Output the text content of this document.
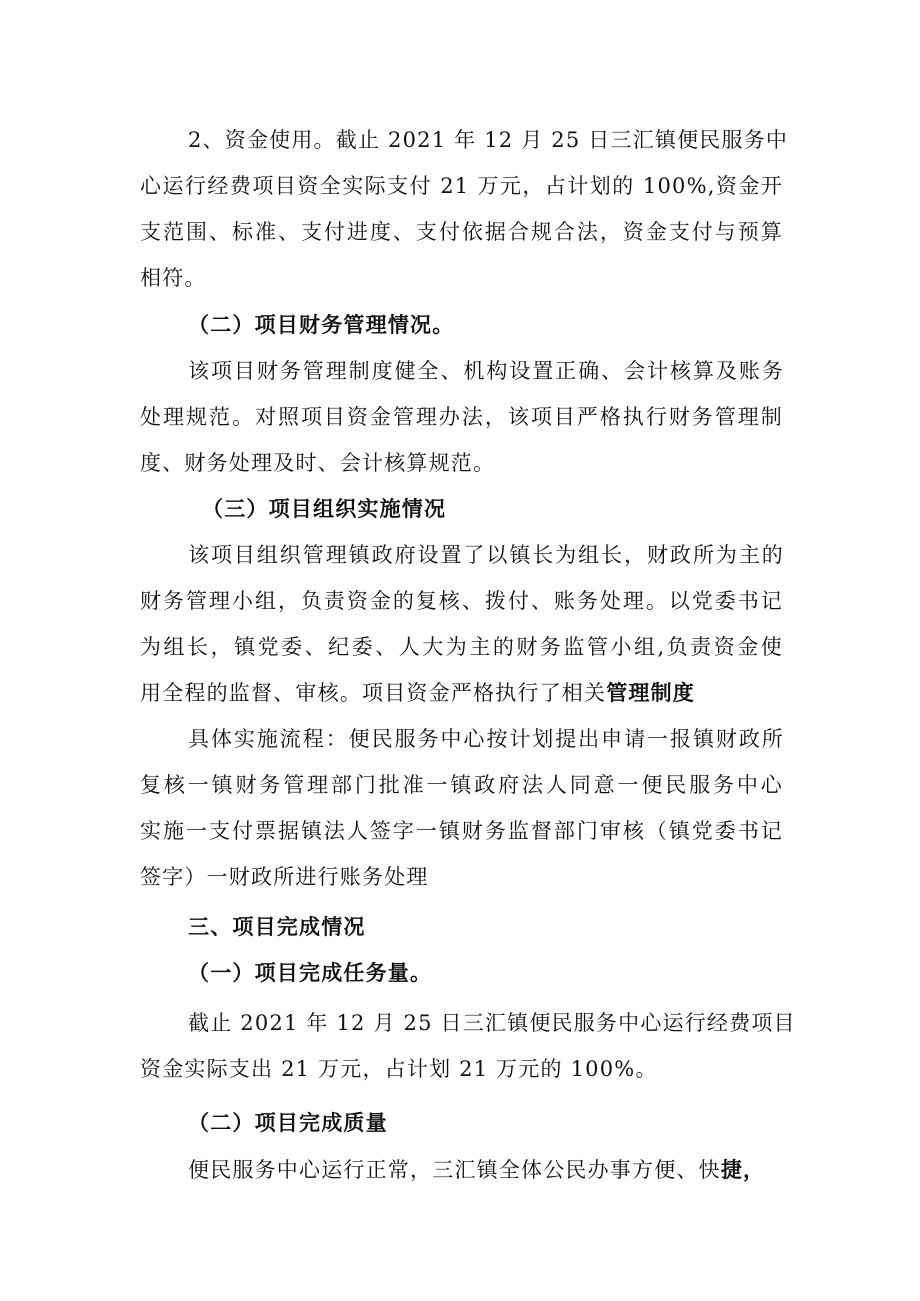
2、资金使用。截止 2021 年 12 月 25 日三汇镇便民服务中
心运行经费项目资全实际支付 21 万元，占计划的 100%,资金开
支范围、标准、支付进度、支付依据合规合法，资金支付与预算
相符。
（二）项目财务管理情况。
该项目财务管理制度健全、机构设置正确、会计核算及账务
处理规范。对照项目资金管理办法，该项目严格执行财务管理制
度、财务处理及时、会计核算规范。
（三）项目组织实施情况
该项目组织管理镇政府设置了以镇长为组长，财政所为主的
财务管理小组，负责资金的复核、拨付、账务处理。以党委书记
为组长，镇党委、纪委、人大为主的财务监管小组,负责资金使
用全程的监督、审核。项目资金严格执行了相关管理制度
具体实施流程：便民服务中心按计划提出申请一报镇财政所
复核一镇财务管理部门批准一镇政府法人同意一便民服务中心
实施一支付票据镇法人签字一镇财务监督部门审核（镇党委书记
签字）一财政所进行账务处理
三、项目完成情况
（一）项目完成任务量。
截止 2021 年 12 月 25 日三汇镇便民服务中心运行经费项目
资金实际支出 21 万元，占计划 21 万元的 100%。
（二）项目完成质量
便民服务中心运行正常，三汇镇全体公民办事方便、快捷，
